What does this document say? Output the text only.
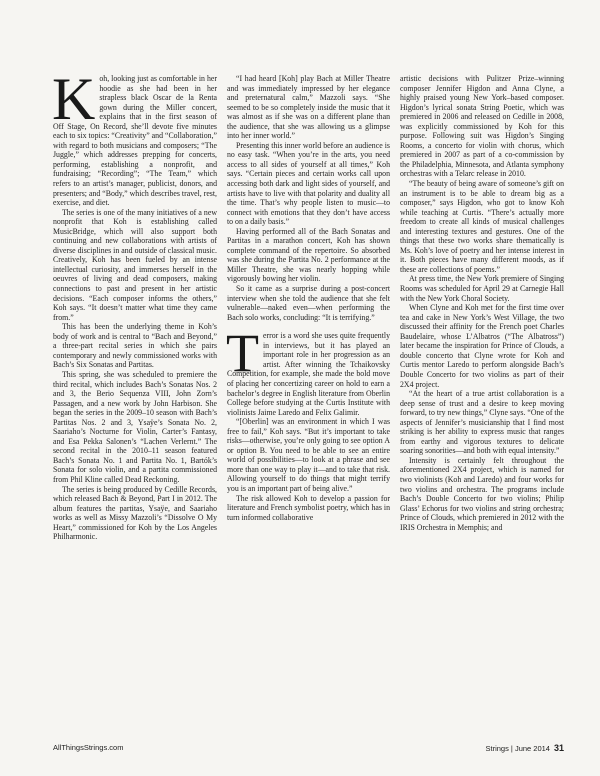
Koh, looking just as comfortable in her hoodie as she had been in her strapless black Oscar de la Renta gown during the Miller concert, explains that in the first season of Off Stage, On Record, she’ll devote five minutes each to six topics: “Creativity” and “Collaboration,” with regard to both musicians and composers; “The Juggle,” which addresses prepping for concerts, performing, establishing a nonprofit, and fundraising; “Recording”; “The Team,” which refers to an artist’s manager, publicist, donors, and presenters; and “Body,” which describes travel, rest, exercise, and diet.

The series is one of the many initiatives of a new nonprofit that Koh is establishing called MusicBridge, which will also support both continuing and new collaborations with artists of diverse disciplines in and outside of classical music. Creatively, Koh has been fueled by an intense intellectual curiosity, and immerses herself in the oeuvres of living and dead composers, making connections to past and present in her artistic decisions. “Each composer informs the others,” Koh says. “It doesn’t matter what time they came from.”

This has been the underlying theme in Koh’s body of work and is central to “Bach and Beyond,” a three-part recital series in which she pairs contemporary and newly commissioned works with Bach’s Six Sonatas and Partitas.

This spring, she was scheduled to premiere the third recital, which includes Bach’s Sonatas Nos. 2 and 3, the Berio Sequenza VIII, John Zorn’s Passagen, and a new work by John Harbison. She began the series in the 2009–10 season with Bach’s Partitas Nos. 2 and 3, Ysaÿe’s Sonata No. 2, Saariaho’s Nocturne for Violin, Carter’s Fantasy, and Esa Pekka Salonen’s “Lachen Verlernt.” The second recital in the 2010–11 season featured Bach’s Sonata No. 1 and Partita No. 1, Bartók’s Sonata for solo violin, and a partita commissioned from Phil Kline called Dead Reckoning.

The series is being produced by Cedille Records, which released Bach & Beyond, Part I in 2012. The album features the partitas, Ysaÿe, and Saariaho works as well as Missy Mazzoli’s “Dissolve O My Heart,” commissioned for Koh by the Los Angeles Philharmonic.

“I had heard [Koh] play Bach at Miller Theatre and was immediately impressed by her elegance and preternatural calm,” Mazzoli says. “She seemed to be so completely inside the music that it was almost as if she was on a different plane than the audience, that she was allowing us a glimpse into her inner world.”

Presenting this inner world before an audience is no easy task. “When you’re in the arts, you need access to all sides of yourself at all times,” Koh says. “Certain pieces and certain works call upon accessing both dark and light sides of yourself, and artists have to live with that polarity and duality all the time. That’s why people listen to music—to connect with emotions that they don’t have access to on a daily basis.”

Having performed all of the Bach Sonatas and Partitas in a marathon concert, Koh has shown complete command of the repertoire. So absorbed was she during the Partita No. 2 performance at the Miller Theatre, she was nearly hopping while vigorously bowing her violin.

So it came as a surprise during a post-concert interview when she told the audience that she felt vulnerable—naked even—when performing the Bach solo works, concluding: “It is terrifying.”

Terror is a word she uses quite frequently in interviews, but it has played an important role in her progression as an artist. After winning the Tchaikovsky Competition, for example, she made the bold move of placing her concertizing career on hold to earn a bachelor’s degree in English literature from Oberlin College before studying at the Curtis Institute with violinists Jaime Laredo and Felix Galimir.

“[Oberlin] was an environment in which I was free to fail,” Koh says. “But it’s important to take risks—otherwise, you’re only going to see option A or option B. You need to be able to see an entire world of possibilities—to look at a phrase and see more than one way to play it—and to take that risk. Allowing yourself to do things that might terrify you is an important part of being alive.”

The risk allowed Koh to develop a passion for literature and French symbolist poetry, which has in turn informed collaborative

artistic decisions with Pulitzer Prize–winning composer Jennifer Higdon and Anna Clyne, a highly praised young New York–based composer. Higdon’s lyrical sonata String Poetic, which was premiered in 2006 and released on Cedille in 2008, was explicitly commissioned by Koh for this purpose. Following suit was Higdon’s Singing Rooms, a concerto for violin with chorus, which premiered in 2007 as part of a co-commission by the Philadelphia, Minnesota, and Atlanta symphony orchestras with a Telarc release in 2010.

“The beauty of being aware of someone’s gift on an instrument is to be able to dream big as a composer,” says Higdon, who got to know Koh while teaching at Curtis. “There’s actually more freedom to create all kinds of musical challenges and interesting textures and gestures. One of the things that these two works share thematically is Ms. Koh’s love of poetry and her intense interest in it. Both pieces have many different moods, as if these are collections of poems.”

At press time, the New York premiere of Singing Rooms was scheduled for April 29 at Carnegie Hall with the New York Choral Society.

When Clyne and Koh met for the first time over tea and cake in New York’s West Village, the two discussed their affinity for the French poet Charles Baudelaire, whose L’Albatros (“The Albatross”) later became the inspiration for Prince of Clouds, a double concerto that Clyne wrote for Koh and Curtis mentor Laredo to perform alongside Bach’s Double Concerto for two violins as part of their 2X4 project.

“At the heart of a true artist collaboration is a deep sense of trust and a desire to keep moving forward, to try new things,” Clyne says. “One of the aspects of Jennifer’s musicianship that I find most striking is her ability to express music that ranges from earthy and vigorous textures to delicate soaring sonorities—and both with equal intensity.”

Intensity is certainly felt throughout the aforementioned 2X4 project, which is named for two violinists (Koh and Laredo) and four works for two violins and orchestra. The programs include Bach’s Double Concerto for two violins; Philip Glass’ Echorus for two violins and string orchestra; Prince of Clouds, which premiered in 2012 with the IRIS Orchestra in Memphis; and

AllThingsStrings.com	Strings | June 2014 31
